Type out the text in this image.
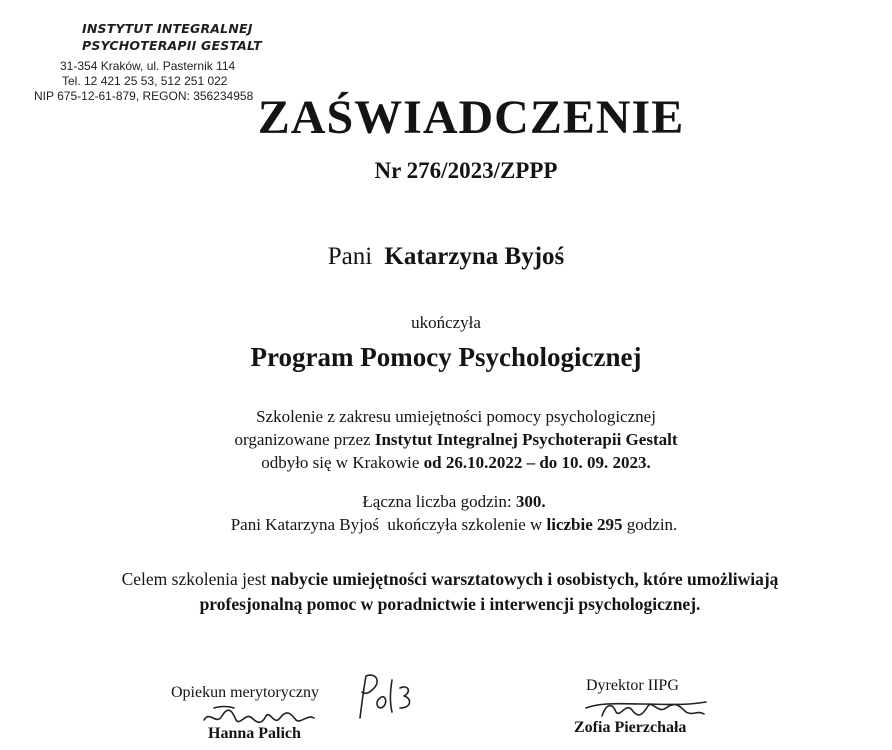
INSTYTUT INTEGRALNEJ
PSYCHOTERAPII GESTALT
31-354 Kraków, ul. Pasternik 114
Tel. 12 421 25 53, 512 251 022
NIP 675-12-61-879, REGON: 356234958 ZAŚWIADCZENIE
Nr 276/2023/ZPPP
Pani Katarzyna Byjoś
ukończyła
Program Pomocy Psychologicznej
Szkolenie z zakresu umiejętności pomocy psychologicznej
organizowane przez Instytut Integralnej Psychoterapii Gestalt
odbyło się w Krakowie od 26.10.2022 – do 10. 09. 2023.
Łączna liczba godzin: 300.
Pani Katarzyna Byjoś  ukończyła szkolenie w liczbie 295 godzin.
Celem szkolenia jest nabycie umiejętności warsztatowych i osobistych, które umożliwiają
profesjonalną pomoc w poradnictwie i interwencji psychologicznej.
Opiekun merytoryczny
Hanna Palich
Dyrektor IIPG
Zofia Pierzchała
